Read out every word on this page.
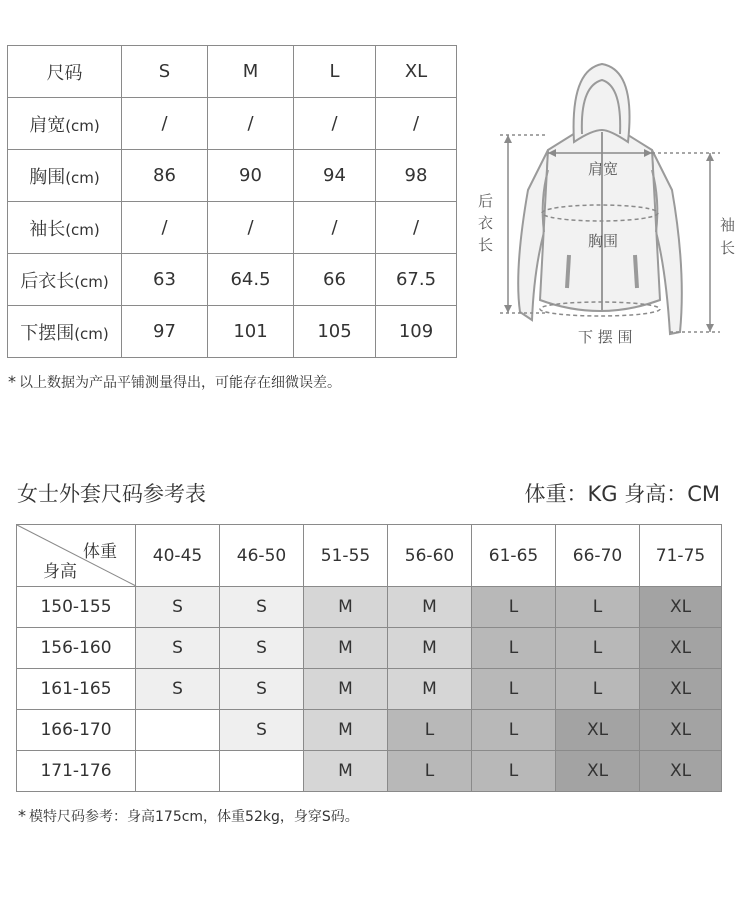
尺码	S	M	L	XL
肩宽(cm)	/	/	/	/
胸围(cm)	86	90	94	98
袖长(cm)	/	/	/	/
后衣长(cm)	63	64.5	66	67.5
下摆围(cm)	97	101	105	109
肩宽
胸围
后
衣
长
袖
长
下 摆 围
* 以上数据为产品平铺测量得出，可能存在细微误差。
女士外套尺码参考表	体重：KG 身高：CM
体重
身高	40-45	46-50	51-55	56-60	61-65	66-70	71-75
150-155	S	S	M	M	L	L	XL
156-160	S	S	M	M	L	L	XL
161-165	S	S	M	M	L	L	XL
166-170		S	M	L	L	XL	XL
171-176			M	L	L	XL	XL
* 模特尺码参考：身高175cm，体重52kg，身穿S码。
